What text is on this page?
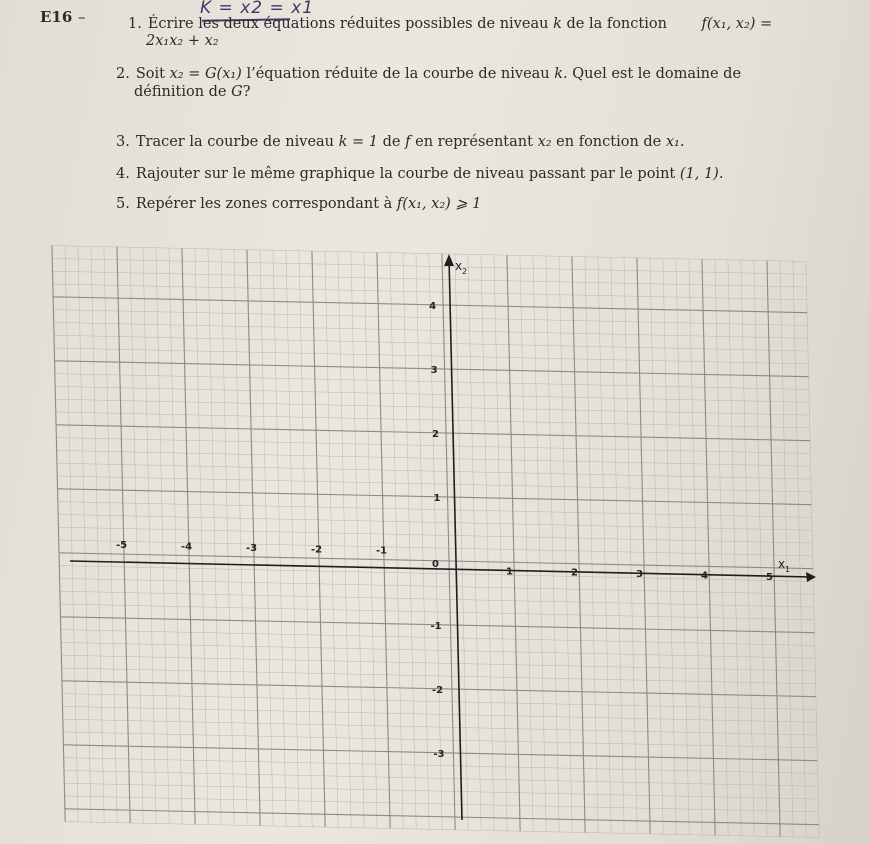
E16 –	K = x2 = x1
1. Écrire les deux équations réduites possibles de niveau k de la fonction f(x₁, x₂) =
2x₁x₂ + x₂
2. Soit x₂ = G(x₁) l’équation réduite de la courbe de niveau k. Quel est le domaine de
définition de G?
3. Tracer la courbe de niveau k = 1 de f en représentant x₂ en fonction de x₁.
4. Rajouter sur le même graphique la courbe de niveau passant par le point (1, 1).
5. Repérer les zones correspondant à f(x₁, x₂) ⩾ 1
x 2
x 1
0
-5	-4	-3	-2	-1
1	2	3	4	5
4
3
2
1
-1
-2
-3
